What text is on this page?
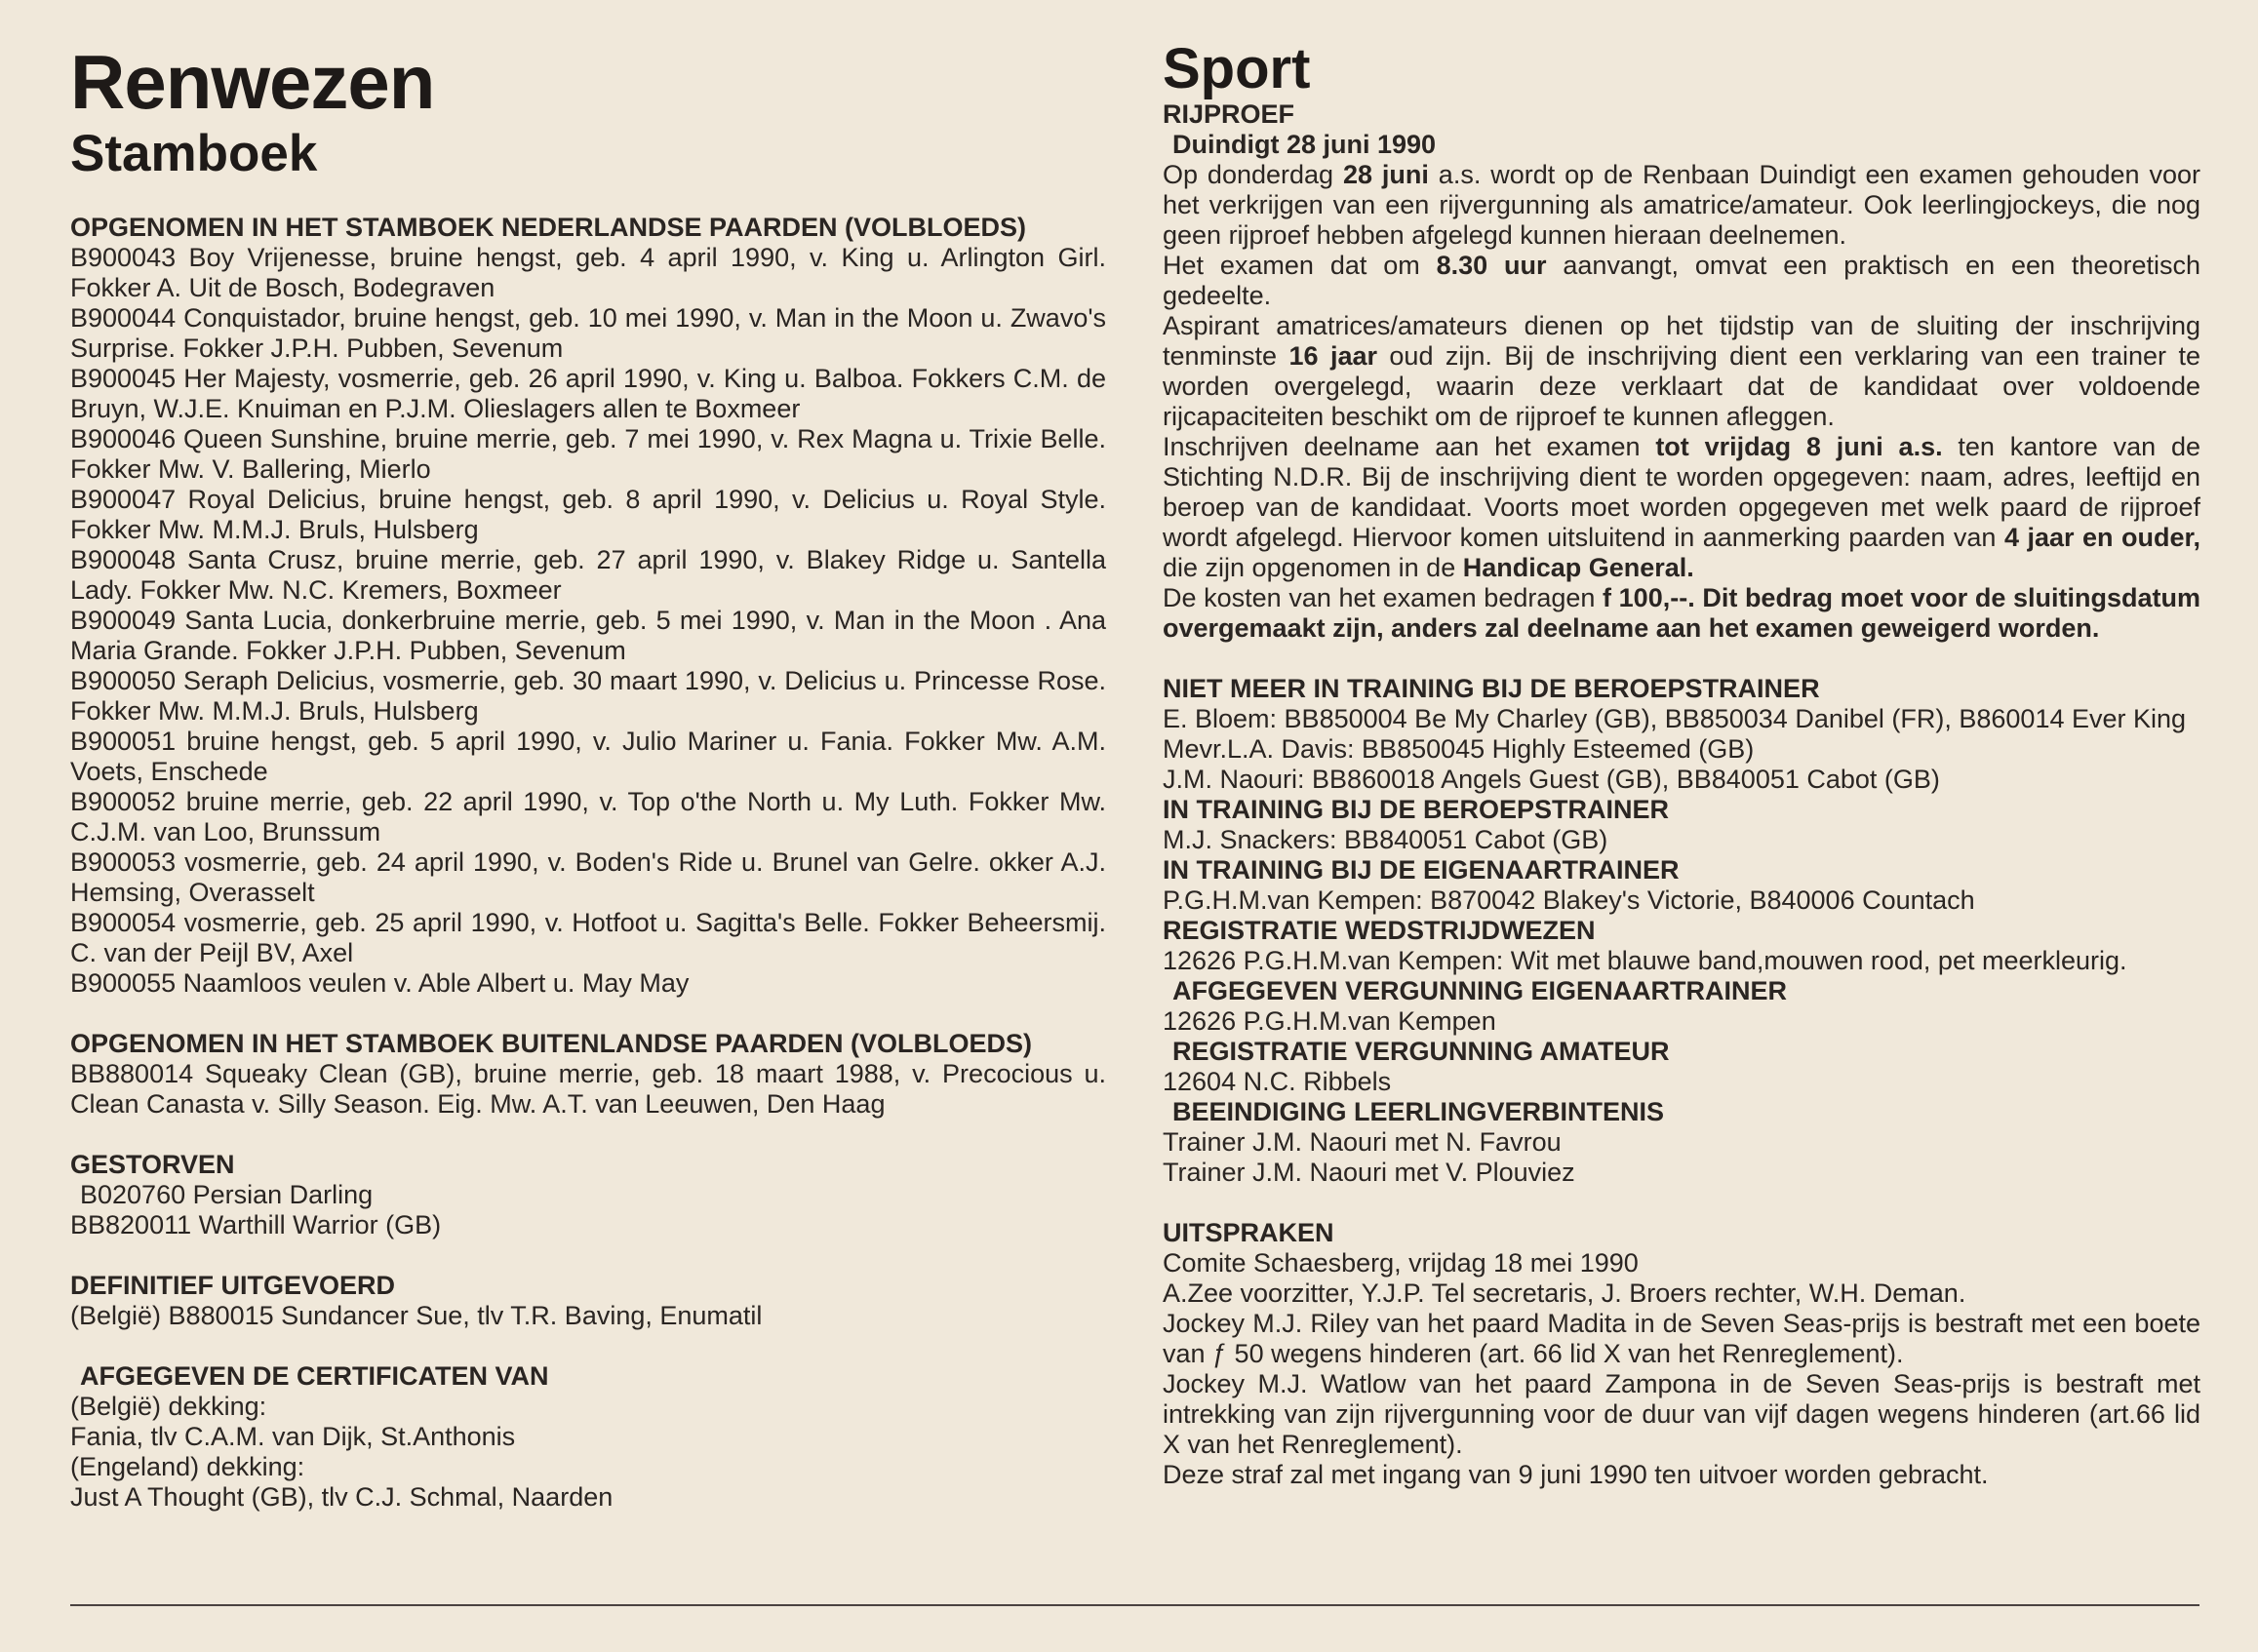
Renwezen
Stamboek
OPGENOMEN IN HET STAMBOEK NEDERLANDSE PAARDEN (VOLBLOEDS)
B900043 Boy Vrijenesse, bruine hengst, geb. 4 april 1990, v. King u. Arlington Girl. Fokker A. Uit de Bosch, Bodegraven
B900044 Conquistador, bruine hengst, geb. 10 mei 1990, v. Man in the Moon u. Zwavo's Surprise. Fokker J.P.H. Pubben, Sevenum
B900045 Her Majesty, vosmerrie, geb. 26 april 1990, v. King u. Balboa. Fokkers C.M. de Bruyn, W.J.E. Knuiman en P.J.M. Olieslagers allen te Boxmeer
B900046 Queen Sunshine, bruine merrie, geb. 7 mei 1990, v. Rex Magna u. Trixie Belle. Fokker Mw. V. Ballering, Mierlo
B900047 Royal Delicius, bruine hengst, geb. 8 april 1990, v. Delicius u. Royal Style. Fokker Mw. M.M.J. Bruls, Hulsberg
B900048 Santa Crusz, bruine merrie, geb. 27 april 1990, v. Blakey Ridge u. Santella Lady. Fokker Mw. N.C. Kremers, Boxmeer
B900049 Santa Lucia, donkerbruine merrie, geb. 5 mei 1990, v. Man in the Moon . Ana Maria Grande. Fokker J.P.H. Pubben, Sevenum
B900050 Seraph Delicius, vosmerrie, geb. 30 maart 1990, v. Delicius u. Princesse Rose. Fokker Mw. M.M.J. Bruls, Hulsberg
B900051 bruine hengst, geb. 5 april 1990, v. Julio Mariner u. Fania. Fokker Mw. A.M. Voets, Enschede
B900052 bruine merrie, geb. 22 april 1990, v. Top o'the North u. My Luth. Fokker Mw. C.J.M. van Loo, Brunssum
B900053 vosmerrie, geb. 24 april 1990, v. Boden's Ride u. Brunel van Gelre. okker A.J. Hemsing, Overasselt
B900054 vosmerrie, geb. 25 april 1990, v. Hotfoot u. Sagitta's Belle. Fokker Beheersmij. C. van der Peijl BV, Axel
B900055 Naamloos veulen v. Able Albert u. May May
OPGENOMEN IN HET STAMBOEK BUITENLANDSE PAARDEN (VOLBLOEDS)
BB880014 Squeaky Clean (GB), bruine merrie, geb. 18 maart 1988, v. Precocious u. Clean Canasta v. Silly Season. Eig. Mw. A.T. van Leeuwen, Den Haag
GESTORVEN
B020760 Persian Darling
BB820011 Warthill Warrior (GB)
DEFINITIEF UITGEVOERD
(België) B880015 Sundancer Sue, tlv T.R. Baving, Enumatil
AFGEGEVEN DE CERTIFICATEN VAN
(België) dekking:
Fania, tlv C.A.M. van Dijk, St.Anthonis
(Engeland) dekking:
Just A Thought (GB), tlv C.J. Schmal, Naarden
Sport
RIJPROEF
Duindigt 28 juni 1990
Op donderdag 28 juni a.s. wordt op de Renbaan Duindigt een examen gehouden voor het verkrijgen van een rijvergunning als amatrice/amateur. Ook leerlingjockeys, die nog geen rijproef hebben afgelegd kunnen hieraan deelnemen.
Het examen dat om 8.30 uur aanvangt, omvat een praktisch en een theoretisch gedeelte.
Aspirant amatrices/amateurs dienen op het tijdstip van de sluiting der inschrijving tenminste 16 jaar oud zijn. Bij de inschrijving dient een verklaring van een trainer te worden overgelegd, waarin deze verklaart dat de kandidaat over voldoende rijcapaciteiten beschikt om de rijproef te kunnen afleggen.
Inschrijven deelname aan het examen tot vrijdag 8 juni a.s. ten kantore van de Stichting N.D.R. Bij de inschrijving dient te worden opgegeven: naam, adres, leeftijd en beroep van de kandidaat. Voorts moet worden opgegeven met welk paard de rijproef wordt afgelegd. Hiervoor komen uitsluitend in aanmerking paarden van 4 jaar en ouder, die zijn opgenomen in de Handicap General.
De kosten van het examen bedragen f 100,--. Dit bedrag moet voor de sluitingsdatum overgemaakt zijn, anders zal deelname aan het examen geweigerd worden.
NIET MEER IN TRAINING BIJ DE BEROEPSTRAINER
E. Bloem: BB850004 Be My Charley (GB), BB850034 Danibel (FR), B860014 Ever King
Mevr.L.A. Davis: BB850045 Highly Esteemed (GB)
J.M. Naouri: BB860018 Angels Guest (GB), BB840051 Cabot (GB)
IN TRAINING BIJ DE BEROEPSTRAINER
M.J. Snackers: BB840051 Cabot (GB)
IN TRAINING BIJ DE EIGENAARTRAINER
P.G.H.M.van Kempen: B870042 Blakey's Victorie, B840006 Countach
REGISTRATIE WEDSTRIJDWEZEN
12626 P.G.H.M.van Kempen: Wit met blauwe band,mouwen rood, pet meerkleurig.
AFGEGEVEN VERGUNNING EIGENAARTRAINER
12626 P.G.H.M.van Kempen
REGISTRATIE VERGUNNING AMATEUR
12604 N.C. Ribbels
BEEINDIGING LEERLINGVERBINTENIS
Trainer J.M. Naouri met N. Favrou
Trainer J.M. Naouri met V. Plouviez
UITSPRAKEN
Comite Schaesberg, vrijdag 18 mei 1990
A.Zee voorzitter, Y.J.P. Tel secretaris, J. Broers rechter, W.H. Deman.
Jockey M.J. Riley van het paard Madita in de Seven Seas-prijs is bestraft met een boete van ƒ 50 wegens hinderen (art. 66 lid X van het Renreglement).
Jockey M.J. Watlow van het paard Zampona in de Seven Seas-prijs is bestraft met intrekking van zijn rijvergunning voor de duur van vijf dagen wegens hinderen (art.66 lid X van het Renreglement).
Deze straf zal met ingang van 9 juni 1990 ten uitvoer worden gebracht.
